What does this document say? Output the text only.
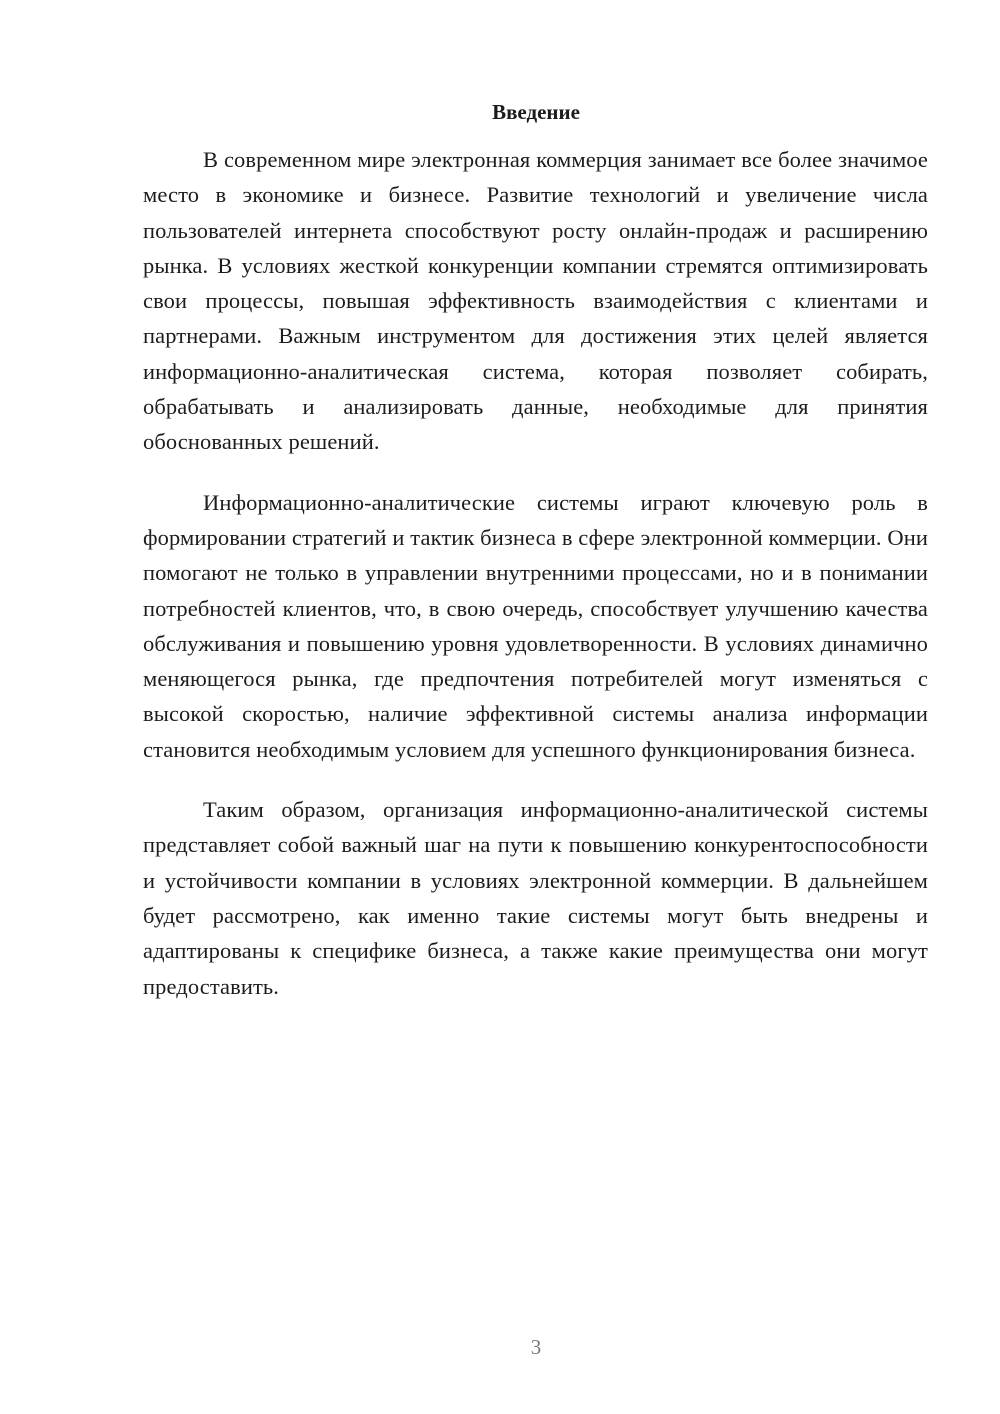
Введение

В современном мире электронная коммерция занимает все более значимое место в экономике и бизнесе. Развитие технологий и увеличение числа пользователей интернета способствуют росту онлайн-продаж и расширению рынка. В условиях жесткой конкуренции компании стремятся оптимизировать свои процессы, повышая эффективность взаимодействия с клиентами и партнерами. Важным инструментом для достижения этих целей является информационно-аналитическая система, которая позволяет собирать, обрабатывать и анализировать данные, необходимые для принятия обоснованных решений.

Информационно-аналитические системы играют ключевую роль в формировании стратегий и тактик бизнеса в сфере электронной коммерции. Они помогают не только в управлении внутренними процессами, но и в понимании потребностей клиентов, что, в свою очередь, способствует улучшению качества обслуживания и повышению уровня удовлетворенности. В условиях динамично меняющегося рынка, где предпочтения потребителей могут изменяться с высокой скоростью, наличие эффективной системы анализа информации становится необходимым условием для успешного функционирования бизнеса.

Таким образом, организация информационно-аналитической системы представляет собой важный шаг на пути к повышению конкурентоспособности и устойчивости компании в условиях электронной коммерции. В дальнейшем будет рассмотрено, как именно такие системы могут быть внедрены и адаптированы к специфике бизнеса, а также какие преимущества они могут предоставить.

3
